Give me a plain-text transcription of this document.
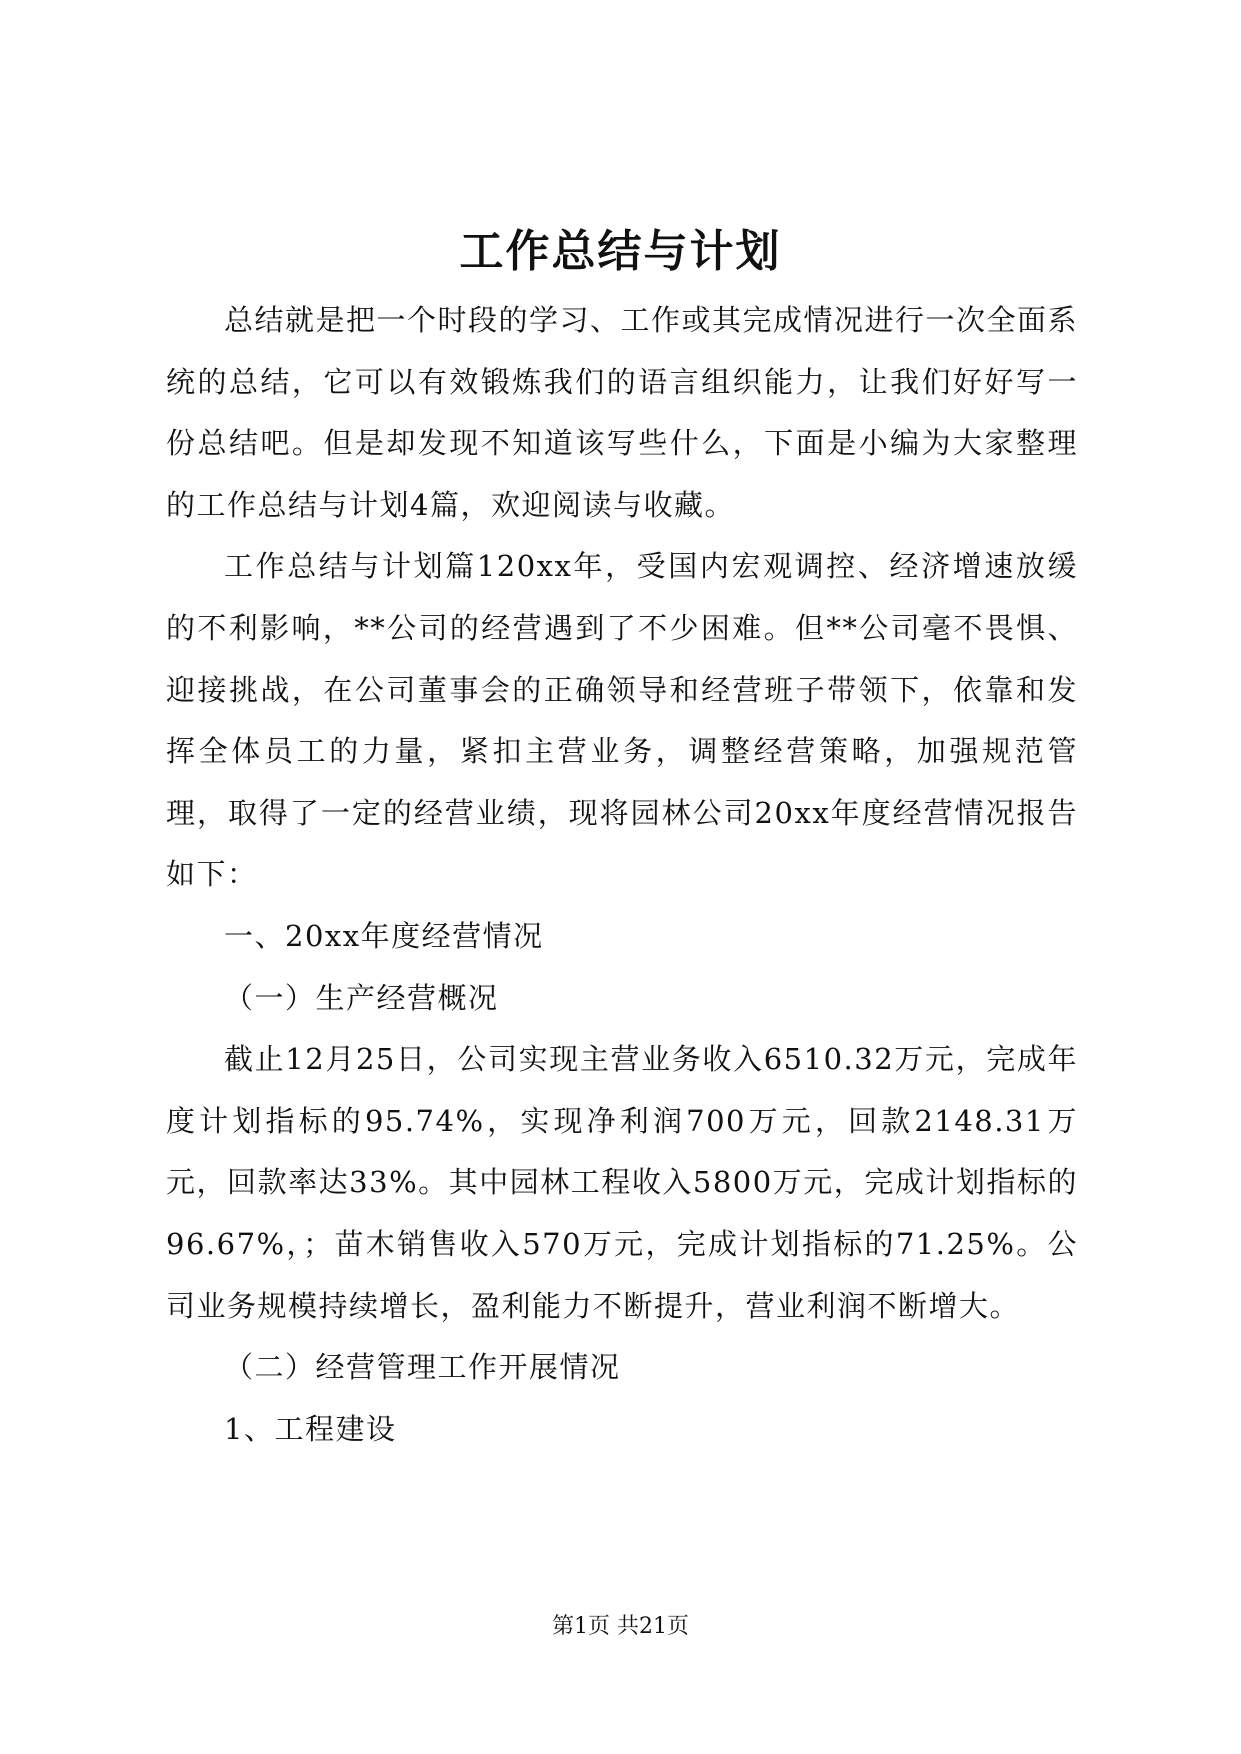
工作总结与计划

总结就是把一个时段的学习、工作或其完成情况进行一次全面系统的总结，它可以有效锻炼我们的语言组织能力，让我们好好写一份总结吧。但是却发现不知道该写些什么，下面是小编为大家整理的工作总结与计划4篇，欢迎阅读与收藏。

工作总结与计划篇120xx年，受国内宏观调控、经济增速放缓的不利影响，**公司的经营遇到了不少困难。但**公司毫不畏惧、迎接挑战，在公司董事会的正确领导和经营班子带领下，依靠和发挥全体员工的力量，紧扣主营业务，调整经营策略，加强规范管理，取得了一定的经营业绩，现将园林公司20xx年度经营情况报告如下：

一、20xx年度经营情况

（一）生产经营概况

截止12月25日，公司实现主营业务收入6510.32万元，完成年度计划指标的95.74%，实现净利润700万元，回款2148.31万元，回款率达33%。其中园林工程收入5800万元，完成计划指标的96.67%，；苗木销售收入570万元，完成计划指标的71.25%。公司业务规模持续增长，盈利能力不断提升，营业利润不断增大。

（二）经营管理工作开展情况

1、工程建设

第1页 共21页
